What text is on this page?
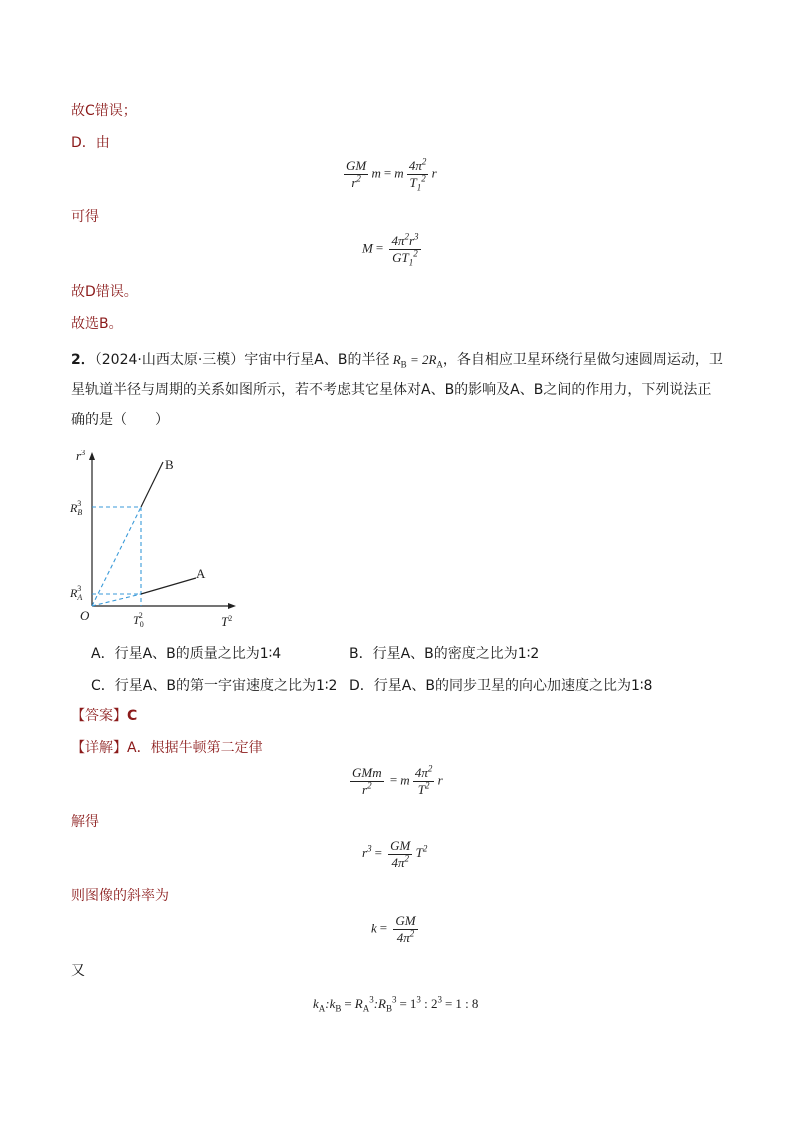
故C错误；
D．由
$\frac{GM}{r^2}$ m = m $\frac{4\pi^2}{T_1^2}$ r
可得
$M = \frac{4\pi^2r^3}{GT_1^2}$
故D错误。
故选B。
2．（2024·山西太原·三模）宇宙中行星A、B的半径 $R_B = 2R_A$，各自相应卫星环绕行星做匀速圆周运动，卫
星轨道半径与周期的关系如图所示，若不考虑其它星体对A、B的影响及A、B之间的作用力，下列说法正
确的是（　　）
$r^3$
$T^2$
O
$R_B3$
$R_A3$
$T_02$
B
A
A．行星A、B的质量之比为1∶4	B．行星A、B的密度之比为1∶2
C．行星A、B的第一宇宙速度之比为1∶2 D．行星A、B的同步卫星的向心加速度之比为1∶8
【答案】C
【详解】A．根据牛顿第二定律
$\frac{\text{GMm}}{r^2} = m \frac{4\pi^2}{T^2}$ r
解得
$r^3 = \frac{GM}{4\pi^2} T^2$
则图像的斜率为
$k = \frac{GM}{4\pi^2}$
又
$k_A:k_B$ = $R_A^3:R_B^3 = 1^3$ : $2^3 = 1$ : 8
